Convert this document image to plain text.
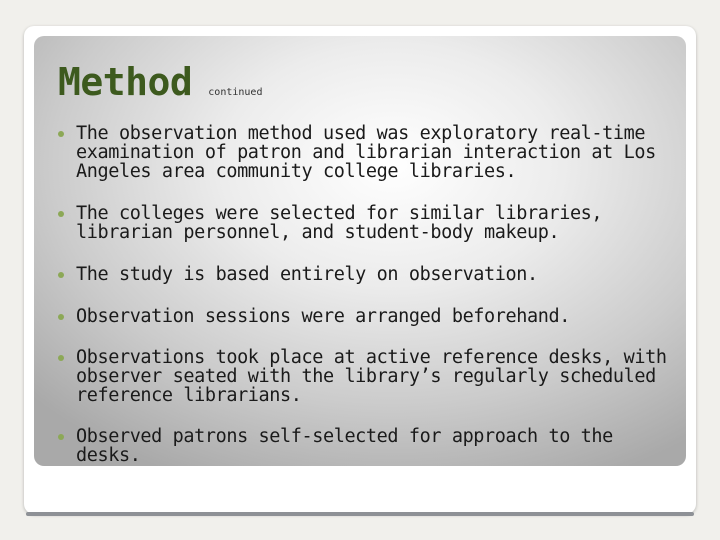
Method continued
The observation method used was exploratory real-time examination of patron and librarian interaction at Los Angeles area community college libraries.
The colleges were selected for similar libraries, librarian personnel, and student-body makeup.
The study is based entirely on observation.
Observation sessions were arranged beforehand.
Observations took place at active reference desks, with observer seated with the library’s regularly scheduled reference librarians.
Observed patrons self-selected for approach to the desks.
